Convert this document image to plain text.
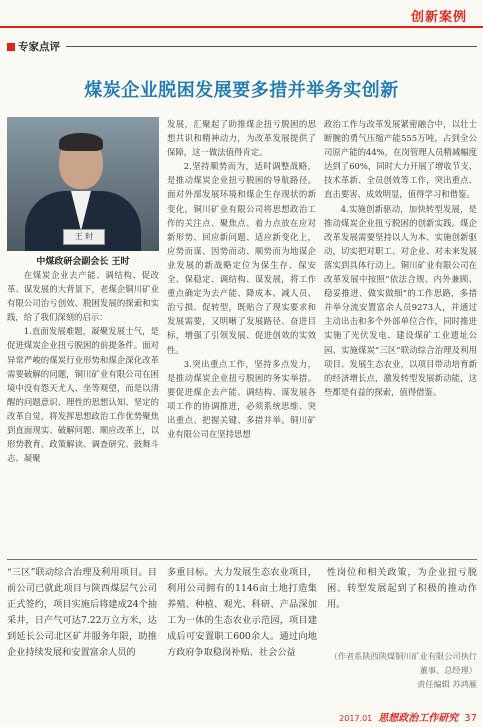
创新案例
专家点评
煤炭企业脱困发展要多措并举务实创新
王 时
中煤政研会副会长 王时

在煤炭企业去产能、调结构、促改革、谋发展的大背景下，老煤企铜川矿业有限公司治亏创效、脱困发展的探索和实践，给了我们深刻的启示：

1.直面发展难题，凝聚发展士气，是促进煤炭企业扭亏脱困的前提条件。面对异常严峻的煤炭行业形势和煤企深化改革需要破解的问题，铜川矿业有限公司在困境中没有怨天尤人、坐等观望，而是以清醒的问题意识、理性的思想认知、坚定的改革自觉，将发挥思想政治工作优势聚焦到直面现实、破解问题、顺应改革上，以形势教育、政策解读、调查研究、鼓舞斗志、凝聚

发展，汇聚起了助推煤企扭亏脱困的思想共识和精神动力，为改革发展提供了保障，这一做法值得肯定。

2.坚持顺势而为，适时调整战略，是推动煤炭企业扭亏脱困的导航路径。面对外部发展环境和煤企生存现状的新变化，铜川矿业有限公司将思想政治工作的关注点、聚焦点、着力点放在应对新形势、回应新问题、适应新变化上，应势而谋、因势而动、顺势而为地谋企业发展的新战略定位为保生存、保安全、保稳定、调结构、谋发展，将工作重点确定为去产能、降成本、减人员、治亏损、促转型，既贴合了现实要求和发展需要，又明晰了发展路径、奋进目标，增强了引领发展、促进创效的实效性。

3.突出重点工作，坚持多点发力，是推动煤炭企业扭亏脱困的务实举措。要促进煤企去产能、调结构、谋发展各项工作的协调推进，必须系统思维、突出重点、把握关键、多措并举。铜川矿业有限公司在坚持思想

政治工作与改革发展紧密融合中，以壮士断腕的勇气压缩产能555万吨，占到全公司原产能的44%，在岗管理人员精减幅度达到了60%，同时大力开展了增收节支、技术革新、全员创效等工作，突出重点、直击要害、成效明显，值得学习和借鉴。

4.实施创新驱动，加快转型发展，是推动煤炭企业扭亏脱困的创新实践。煤企改革发展需要坚持以人为本、实施创新驱动，切实把对职工、对企业、对未来发展落实到具体行动上。铜川矿业有限公司在改革发展中按照“依法合规、内外兼顾、稳妥推进、做实做细”的工作思路，多措并举分流安置富余人员9273人，并通过主动出击和多个外部单位合作，同时推进实施了光伏发电、建设煤矿工业遗址公园、实施煤炭“三区”联动综合治理及利用项目、发展生态农业，以项目带动培育新的经济增长点，激发转型发展新动能，这些都是有益的探索，值得借鉴。

“三区”联动综合治理及利用项目。目前公司已就此项目与陕西煤层气公司正式签约，项目实施后将建成24个抽采井，日产气可达7.22万立方米，达到延长公司北区矿井服务年限，助推企业持续发展和安置富余人员的

多重目标。大力发展生态农业项目，利用公司拥有的1146亩土地打造集养殖、种植、观光、科研、产品深加工为一体的生态农业示范园，项目建成后可安置职工600余人。通过向地方政府争取稳岗补贴、社会公益

性岗位和相关政策，为企业扭亏脱困、转型发展起到了积极的推动作用。

（作者系陕西陕煤铜川矿业有限公司执行董事、总经理）
责任编辑 苏鸿雁
2017.01 思想政治工作研究 37
